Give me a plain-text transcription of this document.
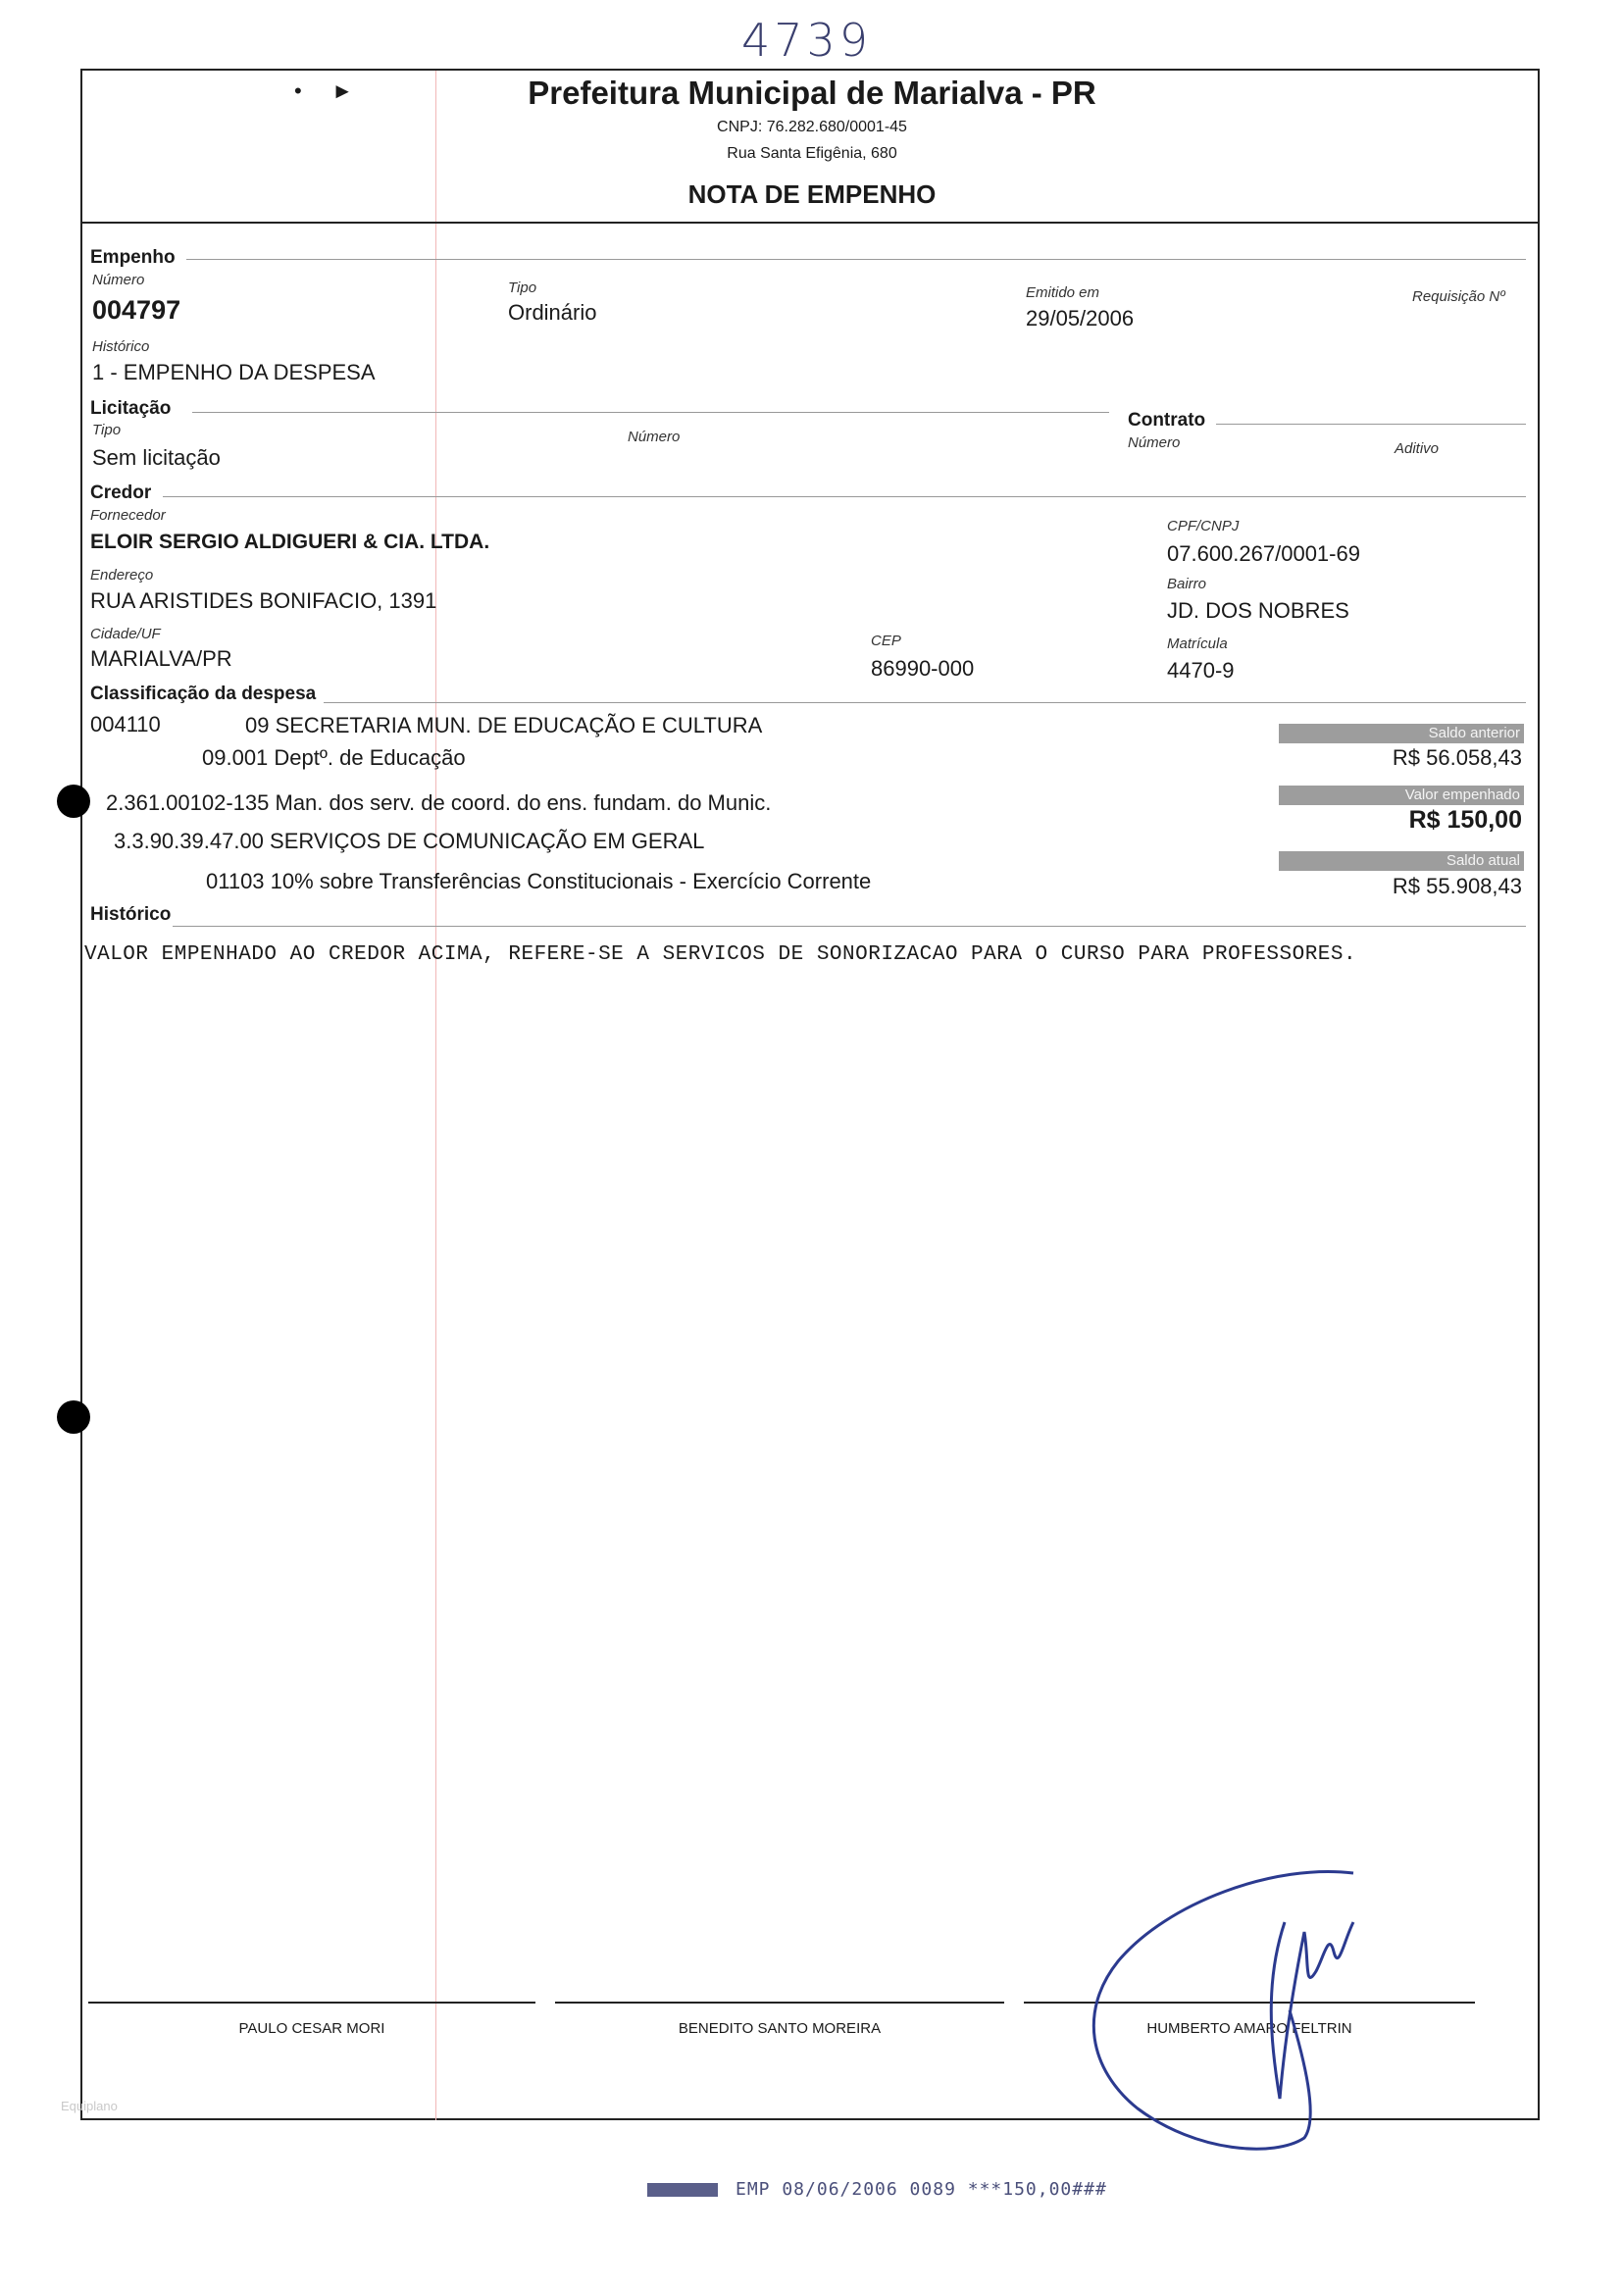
4739
•     ►	Prefeitura Municipal de Marialva - PR
CNPJ: 76.282.680/0001-45
Rua Santa Efigênia, 680
NOTA DE EMPENHO
Empenho
Número
004797
Tipo
Ordinário
Emitido em
29/05/2006
Requisição Nº
Histórico
1 - EMPENHO DA DESPESA
Licitação
Tipo
Sem licitação
Número
Contrato
Número	Aditivo
Credor
Fornecedor
ELOIR SERGIO ALDIGUERI & CIA. LTDA.
CPF/CNPJ
07.600.267/0001-69
Endereço
RUA ARISTIDES BONIFACIO, 1391
Bairro
JD. DOS NOBRES
Cidade/UF
MARIALVA/PR
CEP
86990-000
Matrícula
4470-9
Classificação da despesa
004110	09 SECRETARIA MUN. DE EDUCAÇÃO E CULTURA
09.001 Deptº. de Educação
2.361.00102-135 Man. dos serv. de coord. do ens. fundam. do Munic.
3.3.90.39.47.00 SERVIÇOS DE COMUNICAÇÃO EM GERAL
01103 10% sobre Transferências Constitucionais - Exercício Corrente
Saldo anterior
R$ 56.058,43
Valor empenhado
R$ 150,00
Saldo atual
R$ 55.908,43
Histórico
VALOR EMPENHADO AO CREDOR ACIMA, REFERE-SE A SERVICOS DE SONORIZACAO PARA O CURSO PARA PROFESSORES.
PAULO CESAR MORI	BENEDITO SANTO MOREIRA	HUMBERTO AMARO FELTRIN
Equiplano
EMP 08/06/2006 0089 ***150,00###
